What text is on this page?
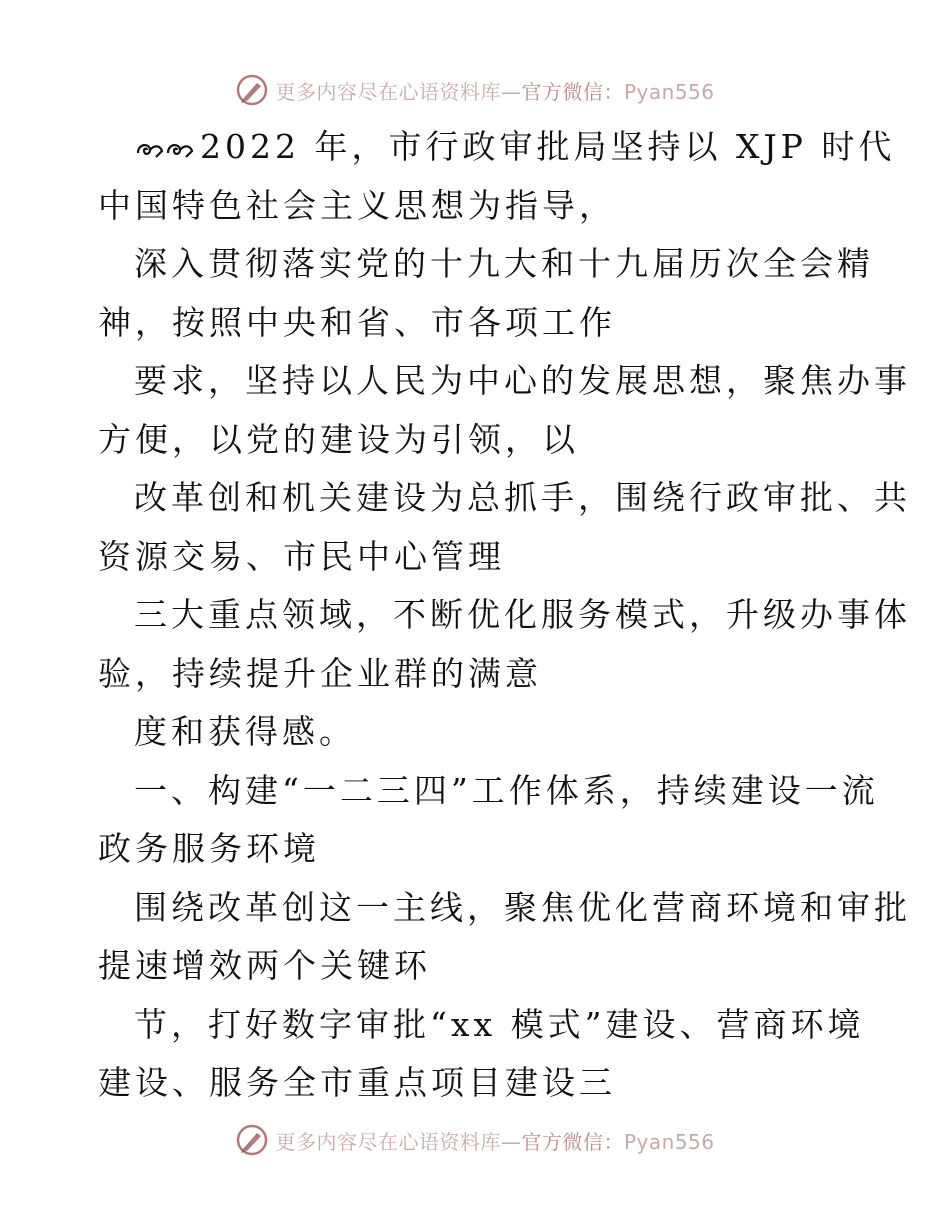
更多内容尽在心语资料库—官方微信：Pyan556
2022 年，市行政审批局坚持以 XJP 时代
中国特色社会主义思想为指导，
深入贯彻落实党的十九大和十九届历次全会精
神，按照中央和省、市各项工作
要求，坚持以人民为中心的发展思想，聚焦办事
方便，以党的建设为引领，以
改革创和机关建设为总抓手，围绕行政审批、共
资源交易、市民中心管理
三大重点领域，不断优化服务模式，升级办事体
验，持续提升企业群的满意
度和获得感。
一、构建“一二三四”工作体系，持续建设一流
政务服务环境
围绕改革创这一主线，聚焦优化营商环境和审批
提速增效两个关键环
节，打好数字审批“xx 模式”建设、营商环境
建设、服务全市重点项目建设三
更多内容尽在心语资料库—官方微信：Pyan556
